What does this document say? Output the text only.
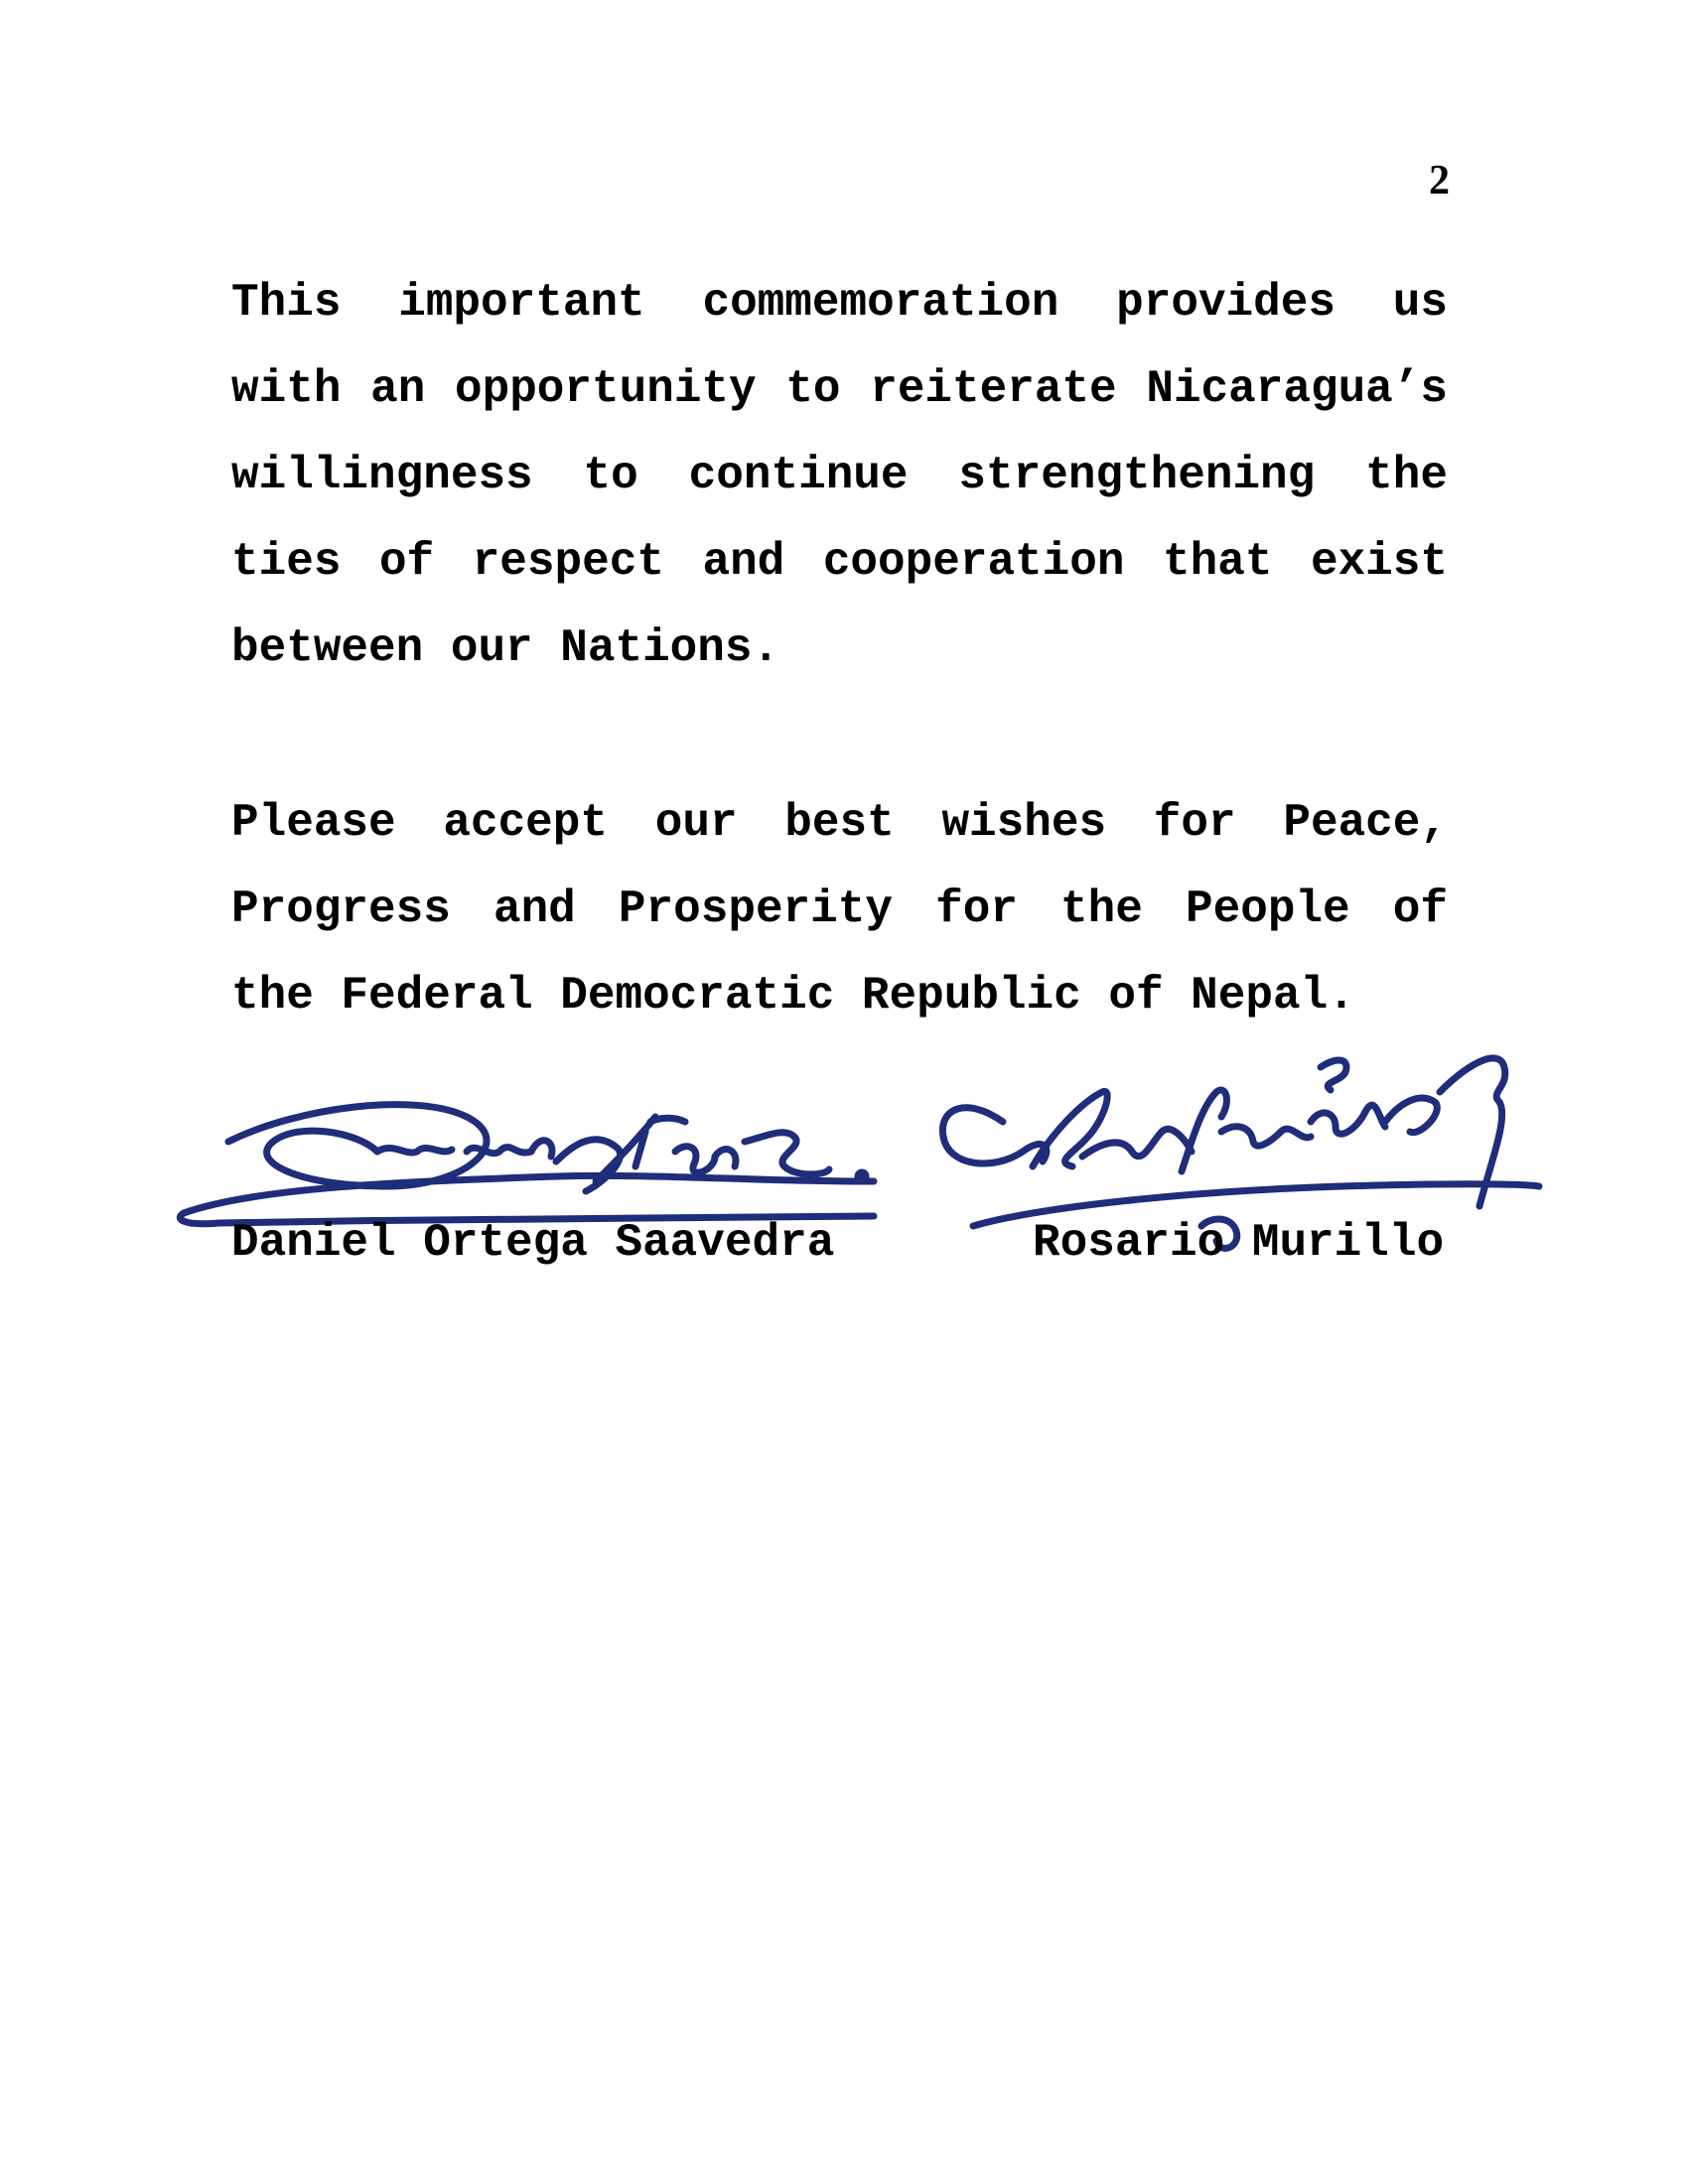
2

This important commemoration provides us with an opportunity to reiterate Nicaragua’s willingness to continue strengthening the ties of respect and cooperation that exist between our Nations.

Please accept our best wishes for Peace, Progress and Prosperity for the People of the Federal Democratic Republic of Nepal.

Daniel Ortega Saavedra	Rosario Murillo
